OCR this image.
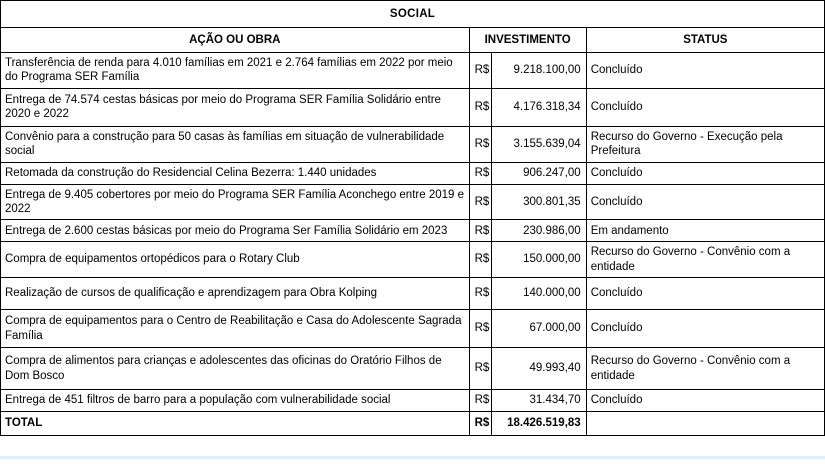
SOCIAL			
AÇÃO OU OBRA	INVESTIMENTO		STATUS
Transferência de renda para 4.010 famílias em 2021 e 2.764 famílias em 2022 por meio do Programa SER Família	R$	9.218.100,00	Concluído
Entrega de 74.574 cestas básicas por meio do Programa SER Família Solidário entre 2020 e 2022	R$	4.176.318,34	Concluído
Convênio para a construção para 50 casas às famílias em situação de vulnerabilidade social	R$	3.155.639,04	Recurso do Governo - Execução pela Prefeitura
Retomada da construção do Residencial Celina Bezerra: 1.440 unidades	R$	906.247,00	Concluído
Entrega de 9.405 cobertores por meio do Programa SER Família Aconchego entre 2019 e 2022	R$	300.801,35	Concluído
Entrega de 2.600 cestas básicas por meio do Programa Ser Família Solidário em 2023	R$	230.986,00	Em andamento
Compra de equipamentos ortopédicos para o Rotary Club	R$	150.000,00	Recurso do Governo - Convênio com a entidade
Realização de cursos de qualificação e aprendizagem para Obra Kolping	R$	140.000,00	Concluído
Compra de equipamentos para o Centro de Reabilitação e Casa do Adolescente Sagrada Família	R$	67.000,00	Concluído
Compra de alimentos para crianças e adolescentes das oficinas do Oratório Filhos de Dom Bosco	R$	49.993,40	Recurso do Governo - Convênio com a entidade
Entrega de 451 filtros de barro para a população com vulnerabilidade social	R$	31.434,70	Concluído
TOTAL	R$	18.426.519,83	
